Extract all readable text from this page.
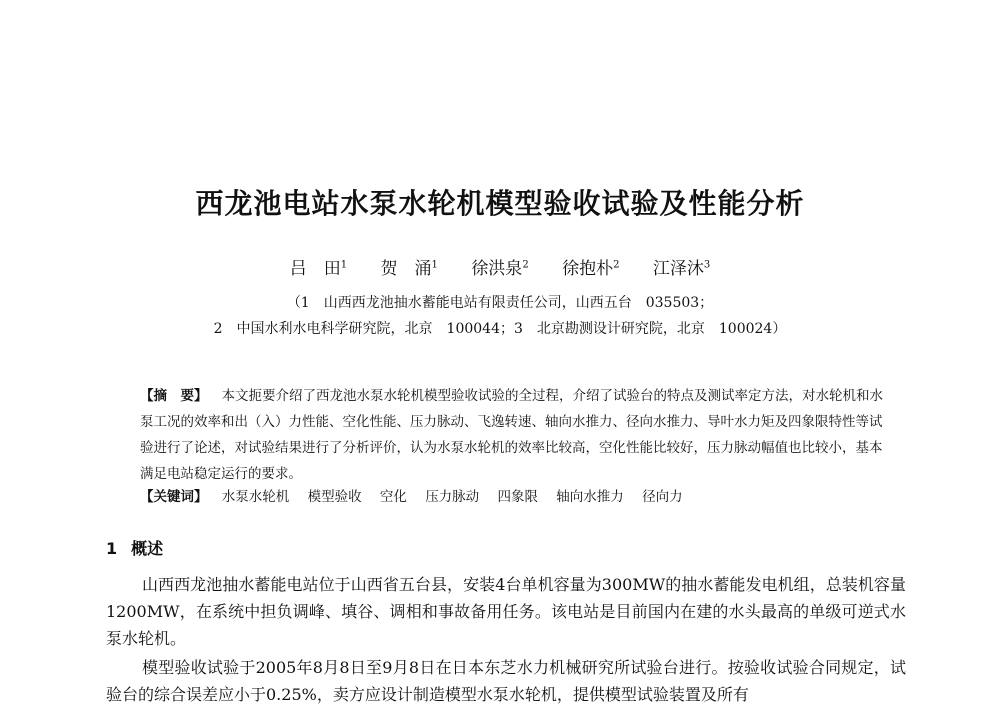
西龙池电站水泵水轮机模型验收试验及性能分析
吕　田$^1$ 贺　涌$^1$ 徐洪泉$^2$ 徐抱朴$^2$ 江泽沐$^3$
（1　山西西龙池抽水蓄能电站有限责任公司，山西五台　035503；
2　中国水利水电科学研究院，北京　100044；3　北京勘测设计研究院，北京　100024）
【摘　要】 本文扼要介绍了西龙池水泵水轮机模型验收试验的全过程，介绍了试验台的特点及测试率定方法，对水轮机和水泵工况的效率和出（入）力性能、空化性能、压力脉动、飞逸转速、轴向水推力、径向水推力、导叶水力矩及四象限特性等试验进行了论述，对试验结果进行了分析评价，认为水泵水轮机的效率比较高，空化性能比较好，压力脉动幅值也比较小，基本满足电站稳定运行的要求。
【关键词】 水泵水轮机 模型验收 空化 压力脉动 四象限 轴向水推力 径向力
1 概述
山西西龙池抽水蓄能电站位于山西省五台县，安装4台单机容量为300MW的抽水蓄能发电机组，总装机容量1200MW，在系统中担负调峰、填谷、调相和事故备用任务。该电站是目前国内在建的水头最高的单级可逆式水泵水轮机。
模型验收试验于2005年8月8日至9月8日在日本东芝水力机械研究所试验台进行。按验收试验合同规定，试验台的综合误差应小于0.25%，卖方应设计制造模型水泵水轮机，提供模型试验装置及所有
